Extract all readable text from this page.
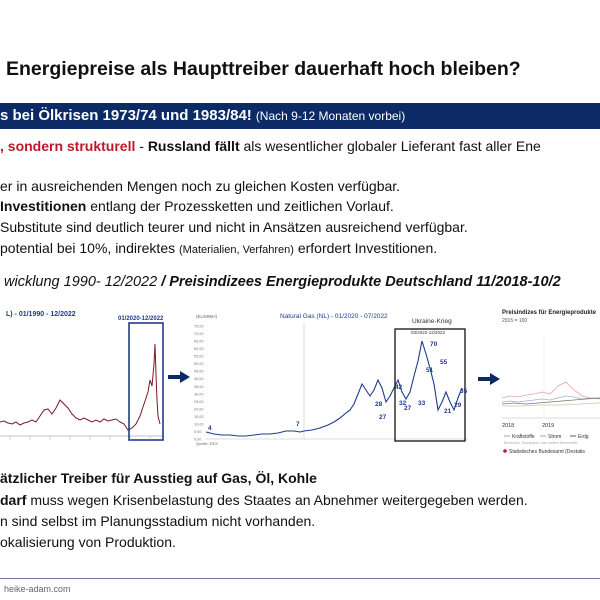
Energiepreise als Haupttreiber dauerhaft hoch bleiben?
s bei Ölkrisen 1973/74 und 1983/84! (Nach 9-12 Monaten vorbei)
, sondern strukturell - Russland fällt als wesentlicher globaler Lieferant fast aller Ene
er in ausreichenden Mengen noch zu gleichen Kosten verfügbar.
Investitionen entlang der Prozessketten und zeitlichen Vorlauf.
Substitute sind deutlich teurer und nicht in Ansätzen ausreichend verfügbar.
potential bei 10%, indirektes (Materialien, Verfahren) erfordert Investitionen.
wicklung 1990- 12/2022 / Preisindizees Energieprodukte Deutschland 11/2018-10/2
L) - 01/1990 - 12/2022
01/2020-12/2022	Natural Gas (NL) - 01/2020 - 07/2022
(EL/MWH)
75,00
70,00
65,00
60,00
55,00
50,00
45,00
40,00
35,00
30,00
25,00
20,00
15,00
10,00
5,00
0,00
Ukraine-Krieg
03/2022-12/2022
Quelle: EEX
4
7
28
27
42
32
27
33
51
70
55
21
29
35
Preisindizes für Energieprodukte
2015 = 100
2018	2019
Kraftstoffe	Strom	Erdg
Brennholz, Holzpellets oder andere Brennstoffe
Statistisches Bundesamt (Destatis
ätzlicher Treiber für Ausstieg auf Gas, Öl, Kohle
darf muss wegen Krisenbelastung des Staates an Abnehmer weitergegeben werden.
n sind selbst im Planungsstadium nicht vorhanden.
okalisierung von Produktion.
heike-adam.com
